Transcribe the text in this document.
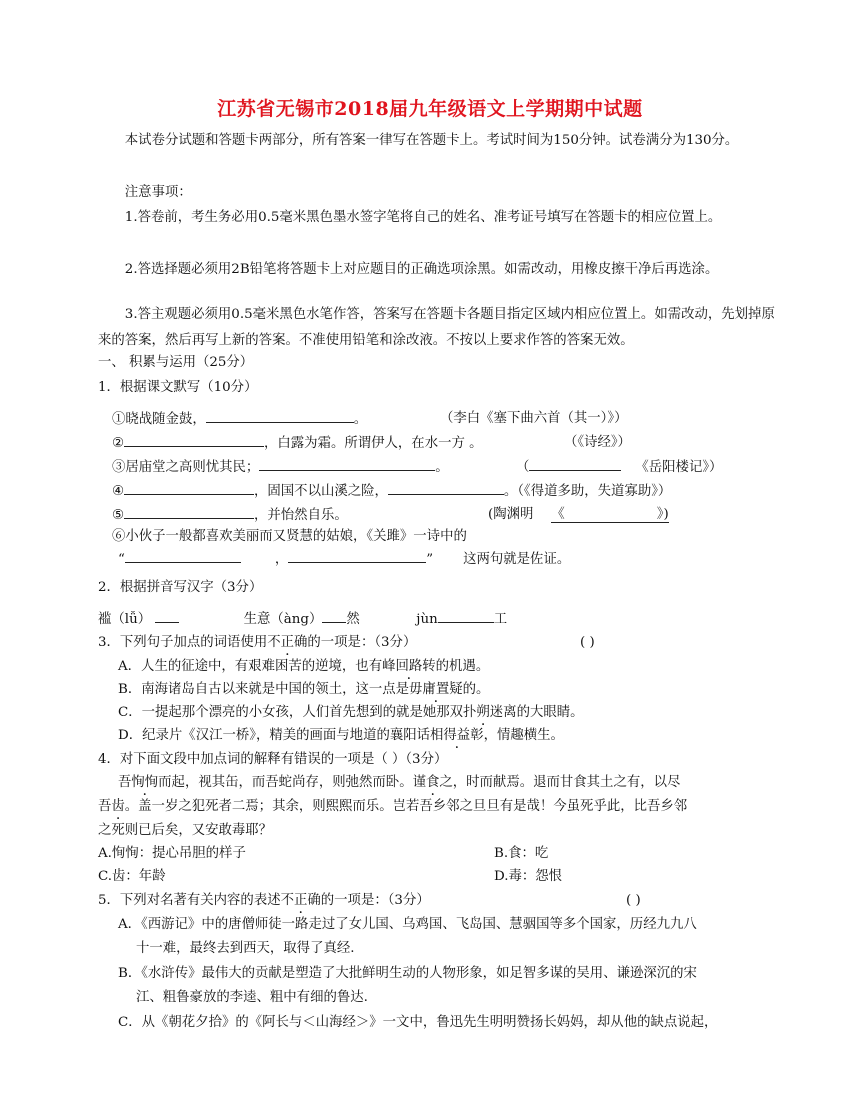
江苏省无锡市2018届九年级语文上学期期中试题
本试卷分试题和答题卡两部分，所有答案一律写在答题卡上。考试时间为150分钟。试卷满分为130分。
注意事项：
1.答卷前，考生务必用0.5毫米黑色墨水签字笔将自己的姓名、准考证号填写在答题卡的相应位置上。
2.答选择题必须用2B铅笔将答题卡上对应题目的正确选项涂黑。如需改动，用橡皮擦干净后再选涂。
3.答主观题必须用0.5毫米黑色水笔作答，答案写在答题卡各题目指定区域内相应位置上。如需改动，先划掉原来的答案，然后再写上新的答案。不准使用铅笔和涂改液。不按以上要求作答的答案无效。
一、 积累与运用（25分）
1．根据课文默写（10分）
①晓战随金鼓，	。	（李白《塞下曲六首（其一）》）
②	，白露为霜。所谓伊人，在水一方 。	（《诗经》）
③居庙堂之高则忧其民；	。	（	《岳阳楼记》）
④	，固国不以山溪之险，	。（《得道多助，失道寡助》）
⑤	，并怡然自乐。	(陶渊明 《	》)
⑥小伙子一般都喜欢美丽而又贤慧的姑娘，《关雎》一诗中的
“	，	” 这两句就是佐证。
2．根据拼音写汉字（3分）
褴（lǚ）	生意（àng） 然	jùn	工
3．下列句子加点的词语使用不正确的一项是：（3分）	( )
A．人生的征途中，有艰难困苦的逆境，也有峰回路转的机遇。
B．南海诸岛自古以来就是中国的领土，这一点是毋庸置疑的。
C．一提起那个漂亮的小女孩，人们首先想到的就是她那双扑朔迷离 .的大眼睛。
D．纪录片《汉江一桥》，精美的画面与地道的襄阳话相得益彰，情趣横生。
4．对下面文段中加点词的解释有错误的一项是（ ）（3分）
吾恂恂而起，视其缶，而吾蛇尚存，则弛然而卧。谨食之，时而献焉。退而甘食其土之有，以尽
吾齿。盖一岁之犯死者二焉；其余，则熙熙而乐。岂若吾乡邻之旦旦有是哉！今虽死乎此，比吾乡邻
之死则已后矣，又安敢毒耶？
A.恂恂：提心吊胆的样子	B.食：吃
C.齿：年龄	D.毒：怨恨
5．下列对名著有关内容的表述不正确的一项是：（3分）	( )
A．《西游记》中的唐僧师徒一路走过了女儿国、乌鸡国、飞岛国、慧骃国等多个国家，历经九九八
十一难，最终去到西天，取得了真经.
B．《水浒传》最伟大的贡献是塑造了大批鲜明生动的人物形象，如足智多谋的吴用、谦逊深沉的宋
江、粗鲁豪放的李逵、粗中有细的鲁达.
C．从《朝花夕拾》的《阿长与＜山海经＞》一文中，鲁迅先生明明赞扬长妈妈，却从他的缺点说起，
